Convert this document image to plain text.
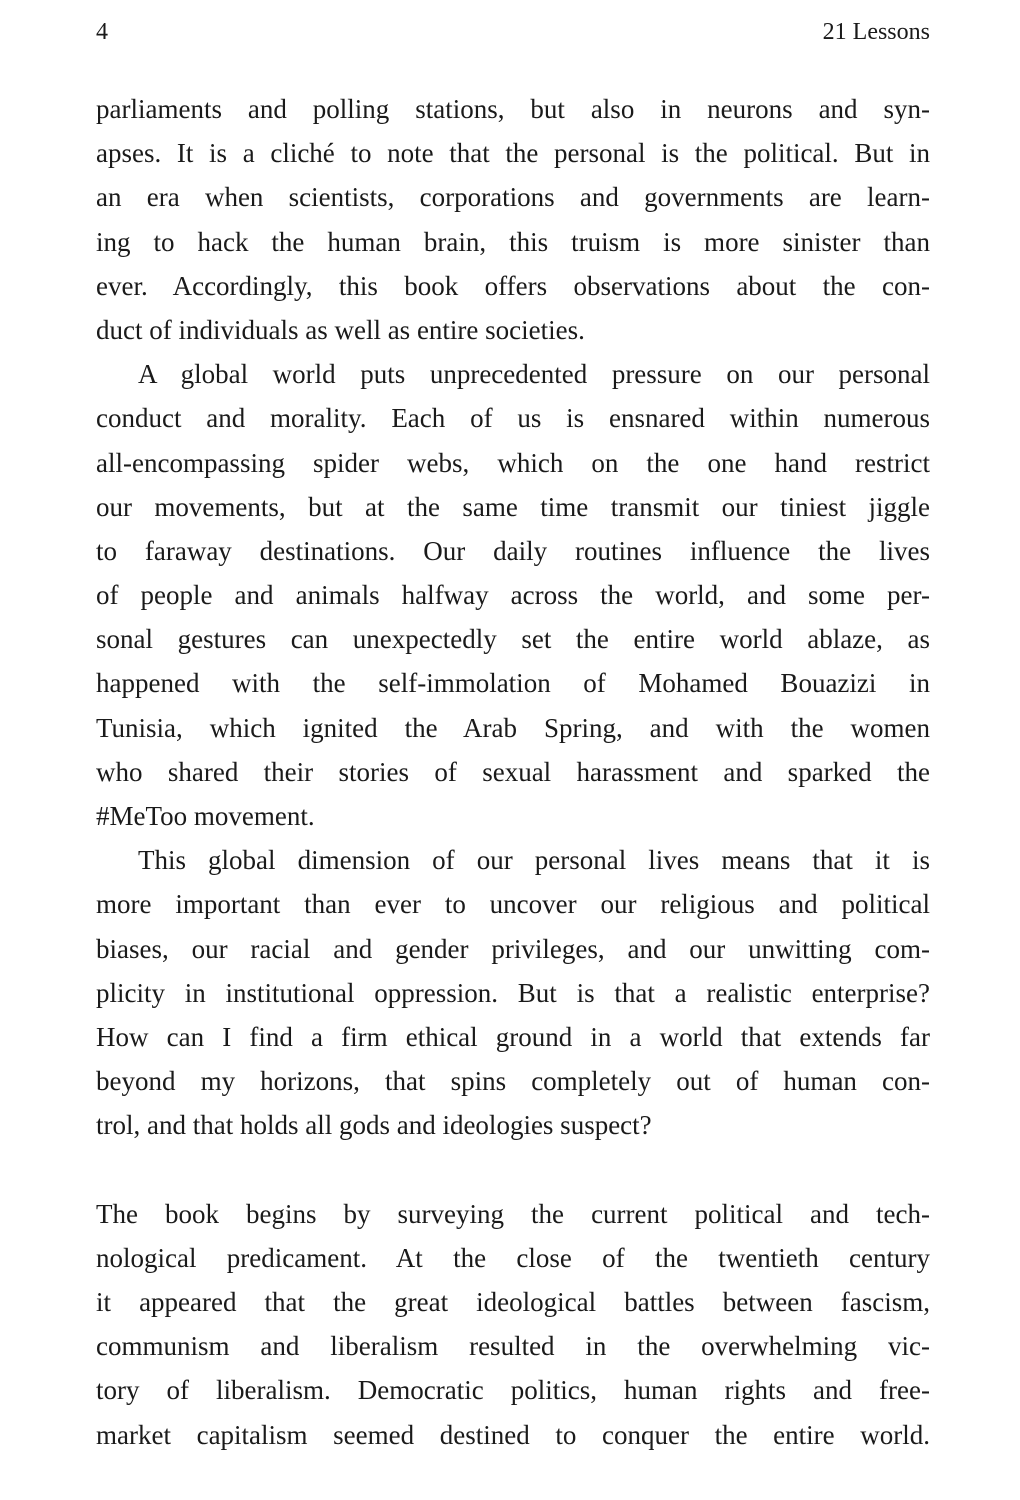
4	21 Lessons
parliaments and polling stations, but also in neurons and syn-
apses. It is a cliché to note that the personal is the political. But in
an era when scientists, corporations and governments are learn-
ing to hack the human brain, this truism is more sinister than
ever. Accordingly, this book offers observations about the con-
duct of individuals as well as entire societies.
A global world puts unprecedented pressure on our personal
conduct and morality. Each of us is ensnared within numerous
all-encompassing spider webs, which on the one hand restrict
our movements, but at the same time transmit our tiniest jiggle
to faraway destinations. Our daily routines influence the lives
of people and animals halfway across the world, and some per-
sonal gestures can unexpectedly set the entire world ablaze, as
happened with the self-immolation of Mohamed Bouazizi in
Tunisia, which ignited the Arab Spring, and with the women
who shared their stories of sexual harassment and sparked the
#MeToo movement.
This global dimension of our personal lives means that it is
more important than ever to uncover our religious and political
biases, our racial and gender privileges, and our unwitting com-
plicity in institutional oppression. But is that a realistic enterprise?
How can I find a firm ethical ground in a world that extends far
beyond my horizons, that spins completely out of human con-
trol, and that holds all gods and ideologies suspect?
The book begins by surveying the current political and tech-
nological predicament. At the close of the twentieth century
it appeared that the great ideological battles between fascism,
communism and liberalism resulted in the overwhelming vic-
tory of liberalism. Democratic politics, human rights and free-
market capitalism seemed destined to conquer the entire world.
